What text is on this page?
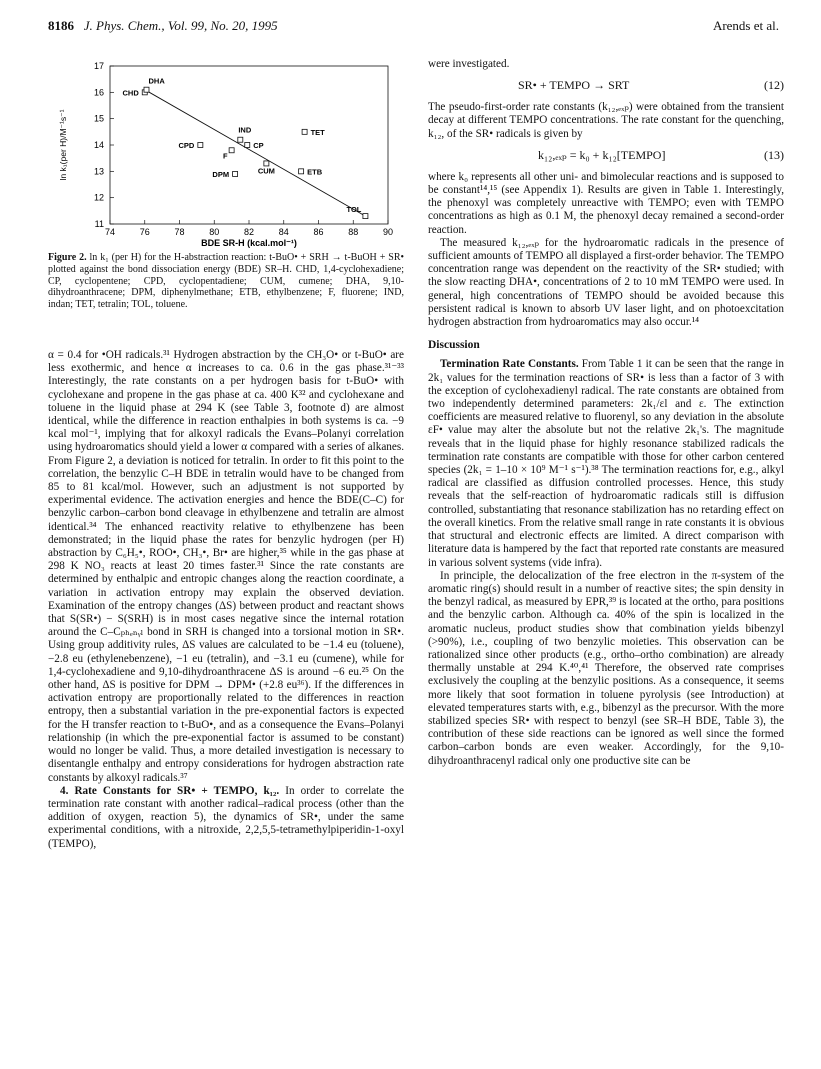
8186 J. Phys. Chem., Vol. 99, No. 20, 1995	Arends et al.
74	76	78	80	82	84	86	88	90
11
12
13
14
15
16
17
CHD
DHA
CPD
IND
CP
F
TET
CUM
DPM	ETB
TOL
BDE SR-H (kcal.mol⁻¹)
ln k₁(per H)/M⁻¹s⁻¹
Figure 2. ln k₁ (per H) for the H-abstraction reaction: t-BuO• + SRH → t-BuOH + SR• plotted against the bond dissociation energy (BDE) SR–H. CHD, 1,4-cyclohexadiene; CP, cyclopentene; CPD, cyclopentadiene; CUM, cumene; DHA, 9,10-dihydroanthracene; DPM, diphenylmethane; ETB, ethylbenzene; F, fluorene; IND, indan; TET, tetralin; TOL, toluene.

α = 0.4 for •OH radicals.³¹ Hydrogen abstraction by the CH₃O• or t-BuO• are less exothermic, and hence α increases to ca. 0.6 in the gas phase.³¹⁻³³ Interestingly, the rate constants on a per hydrogen basis for t-BuO• with cyclohexane and propene in the gas phase at ca. 400 K³² and cyclohexane and toluene in the liquid phase at 294 K (see Table 3, footnote d) are almost identical, while the difference in reaction enthalpies in both systems is ca. −9 kcal mol⁻¹, implying that for alkoxyl radicals the Evans–Polanyi correlation using hydroaromatics should yield a lower α compared with a series of alkanes. From Figure 2, a deviation is noticed for tetralin. In order to fit this point to the correlation, the benzylic C–H BDE in tetralin would have to be changed from 85 to 81 kcal/mol. However, such an adjustment is not supported by experimental evidence. The activation energies and hence the BDE(C–C) for benzylic carbon–carbon bond cleavage in ethylbenzene and tetralin are almost identical.³⁴ The enhanced reactivity relative to ethylbenzene has been demonstrated; in the liquid phase the rates for benzylic hydrogen (per H) abstraction by C₆H₅•, ROO•, CH₃•, Br• are higher,³⁵ while in the gas phase at 298 K NO₃ reacts at least 20 times faster.³¹ Since the rate constants are determined by enthalpic and entropic changes along the reaction coordinate, a variation in activation entropy may explain the observed deviation. Examination of the entropy changes (ΔS) between product and reactant shows that S(SR•) − S(SRH) is in most cases negative since the internal rotation around the C–Cₚₕₑₙᵧₗ bond in SRH is changed into a torsional motion in SR•. Using group additivity rules, ΔS values are calculated to be −1.4 eu (toluene), −2.8 eu (ethylenebenzene), −1 eu (tetralin), and −3.1 eu (cumene), while for 1,4-cyclohexadiene and 9,10-dihydroanthracene ΔS is around −6 eu.²⁵ On the other hand, ΔS is positive for DPM → DPM• (+2.8 eu³⁶). If the differences in activation entropy are proportionally related to the differences in reaction entropy, then a substantial variation in the pre-exponential factors is expected for the H transfer reaction to t-BuO•, and as a consequence the Evans–Polanyi relationship (in which the pre-exponential factor is assumed to be constant) would no longer be valid. Thus, a more detailed investigation is necessary to disentangle enthalpy and entropy considerations for hydrogen abstraction rate constants by alkoxyl radicals.³⁷

4. Rate Constants for SR• + TEMPO, k₁₂. In order to correlate the termination rate constant with another radical–radical process (other than the addition of oxygen, reaction 5), the dynamics of SR•, under the same experimental conditions, with a nitroxide, 2,2,5,5-tetramethylpiperidin-1-oxyl (TEMPO),

were investigated.

SR• + TEMPO → SRT	(12)

The pseudo-first-order rate constants (k₁₂,ₑₓₚ) were obtained from the transient decay at different TEMPO concentrations. The rate constant for the quenching, k₁₂, of the SR• radicals is given by

k₁₂,ₑₓₚ = k₀ + k₁₂[TEMPO]	(13)

where k₀ represents all other uni- and bimolecular reactions and is supposed to be constant¹⁴,¹⁵ (see Appendix 1). Results are given in Table 1. Interestingly, the phenoxyl was completely unreactive with TEMPO; even with TEMPO concentrations as high as 0.1 M, the phenoxyl decay remained a second-order reaction.

The measured k₁₂,ₑₓₚ for the hydroaromatic radicals in the presence of sufficient amounts of TEMPO all displayed a first-order behavior. The TEMPO concentration range was dependent on the reactivity of the SR• studied; with the slow reacting DHA•, concentrations of 2 to 10 mM TEMPO were used. In general, high concentrations of TEMPO should be avoided because this persistent radical is known to absorb UV laser light, and on photoexcitation hydrogen abstraction from hydroaromatics may also occur.¹⁴

Discussion

Termination Rate Constants. From Table 1 it can be seen that the range in 2k₁ values for the termination reactions of SR• is less than a factor of 3 with the exception of cyclohexadienyl radical. The rate constants are obtained from two independently determined parameters: 2k₁/εl and ε. The extinction coefficients are measured relative to fluorenyl, so any deviation in the absolute εF• value may alter the absolute but not the relative 2k₁'s. The magnitude reveals that in the liquid phase for highly resonance stabilized radicals the termination rate constants are compatible with those for other carbon centered species (2k₁ = 1–10 × 10⁹ M⁻¹ s⁻¹).³⁸ The termination reactions for, e.g., alkyl radical are classified as diffusion controlled processes. Hence, this study reveals that the self-reaction of hydroaromatic radicals still is diffusion controlled, substantiating that resonance stabilization has no retarding effect on the overall kinetics. From the relative small range in rate constants it is obvious that structural and electronic effects are limited. A direct comparison with literature data is hampered by the fact that reported rate constants are measured in various solvent systems (vide infra).

In principle, the delocalization of the free electron in the π-system of the aromatic ring(s) should result in a number of reactive sites; the spin density in the benzyl radical, as measured by EPR,³⁹ is located at the ortho, para positions and the benzylic carbon. Although ca. 40% of the spin is localized in the aromatic nucleus, product studies show that combination yields bibenzyl (>90%), i.e., coupling of two benzylic moieties. This observation can be rationalized since other products (e.g., ortho–ortho combination) are already thermally unstable at 294 K.⁴⁰,⁴¹ Therefore, the observed rate comprises exclusively the coupling at the benzylic positions. As a consequence, it seems more likely that soot formation in toluene pyrolysis (see Introduction) at elevated temperatures starts with, e.g., bibenzyl as the precursor. With the more stabilized species SR• with respect to benzyl (see SR–H BDE, Table 3), the contribution of these side reactions can be ignored as well since the formed carbon–carbon bonds are even weaker. Accordingly, for the 9,10-dihydroanthracenyl radical only one productive site can be
